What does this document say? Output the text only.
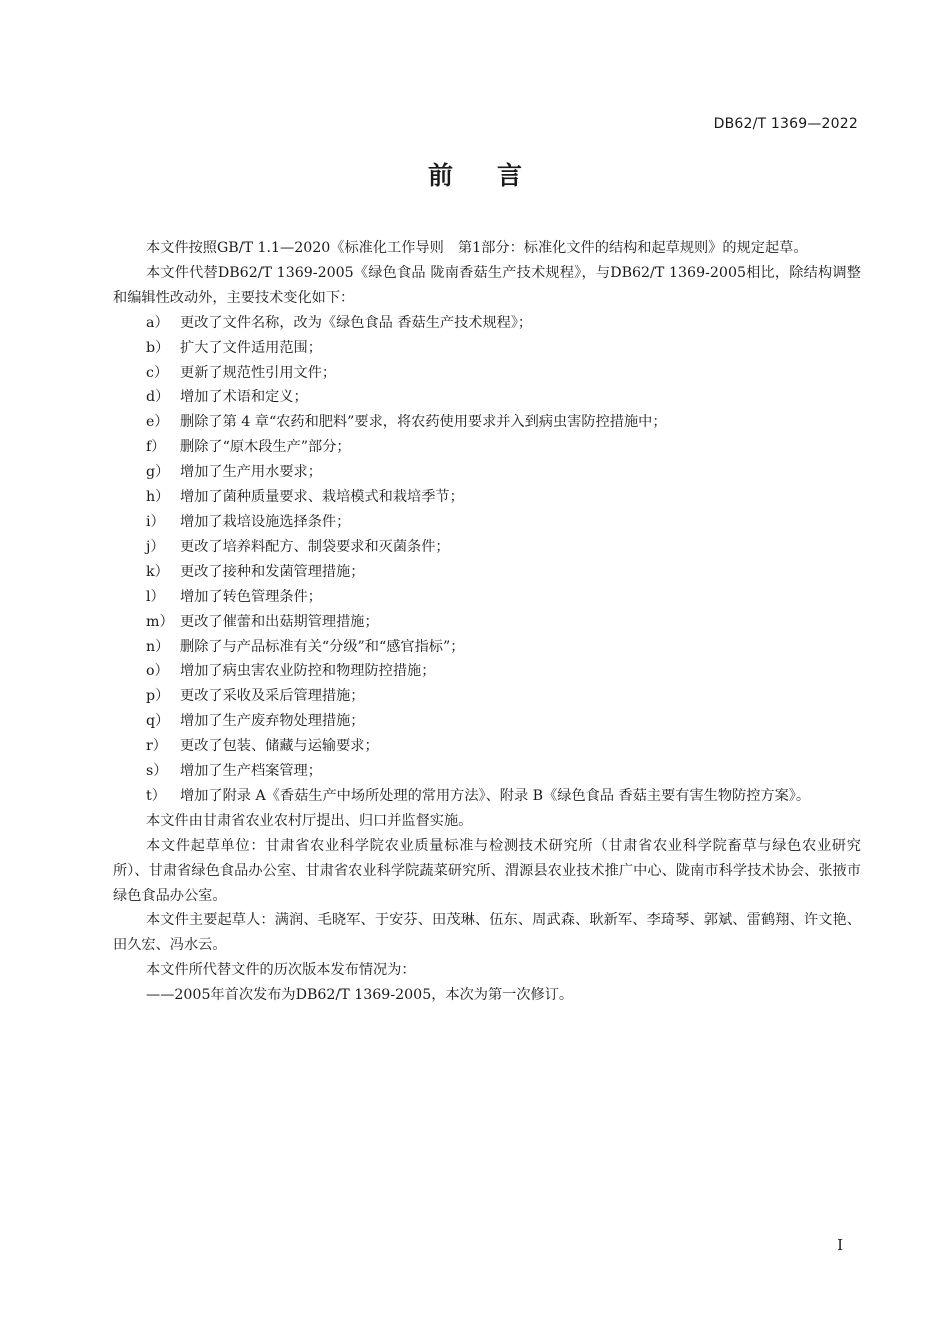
DB62/T 1369—2022
前言

本文件按照GB/T 1.1—2020《标准化工作导则　第1部分：标准化文件的结构和起草规则》的规定起草。

本文件代替DB62/T 1369-2005《绿色食品 陇南香菇生产技术规程》，与DB62/T 1369-2005相比，除结构调整和编辑性改动外，主要技术变化如下：

a） 更改了文件名称，改为《绿色食品 香菇生产技术规程》；
b） 扩大了文件适用范围；
c） 更新了规范性引用文件；
d） 增加了术语和定义；
e） 删除了第 4 章“农药和肥料”要求，将农药使用要求并入到病虫害防控措施中；
f）	删除了“原木段生产”部分；
g） 增加了生产用水要求；
h） 增加了菌种质量要求、栽培模式和栽培季节；
i）	增加了栽培设施选择条件；
j）	更改了培养料配方、制袋要求和灭菌条件；
k） 更改了接种和发菌管理措施；
l）	增加了转色管理条件；
m） 更改了催蕾和出菇期管理措施；
n） 删除了与产品标准有关“分级”和“感官指标”；
o） 增加了病虫害农业防控和物理防控措施；
p） 更改了采收及采后管理措施；
q） 增加了生产废弃物处理措施；
r） 更改了包装、储藏与运输要求；
s） 增加了生产档案管理；
t） 增加了附录 A《香菇生产中场所处理的常用方法》、附录 B《绿色食品 香菇主要有害生物防控方案》。

本文件由甘肃省农业农村厅提出、归口并监督实施。

本文件起草单位：甘肃省农业科学院农业质量标准与检测技术研究所（甘肃省农业科学院畜草与绿色农业研究所）、甘肃省绿色食品办公室、甘肃省农业科学院蔬菜研究所、渭源县农业技术推广中心、陇南市科学技术协会、张掖市绿色食品办公室。

本文件主要起草人：满润、毛晓军、于安芬、田茂琳、伍东、周武森、耿新军、李琦琴、郭斌、雷鹤翔、许文艳、田久宏、冯水云。

本文件所代替文件的历次版本发布情况为：

——2005年首次发布为DB62/T 1369-2005，本次为第一次修订。

I
